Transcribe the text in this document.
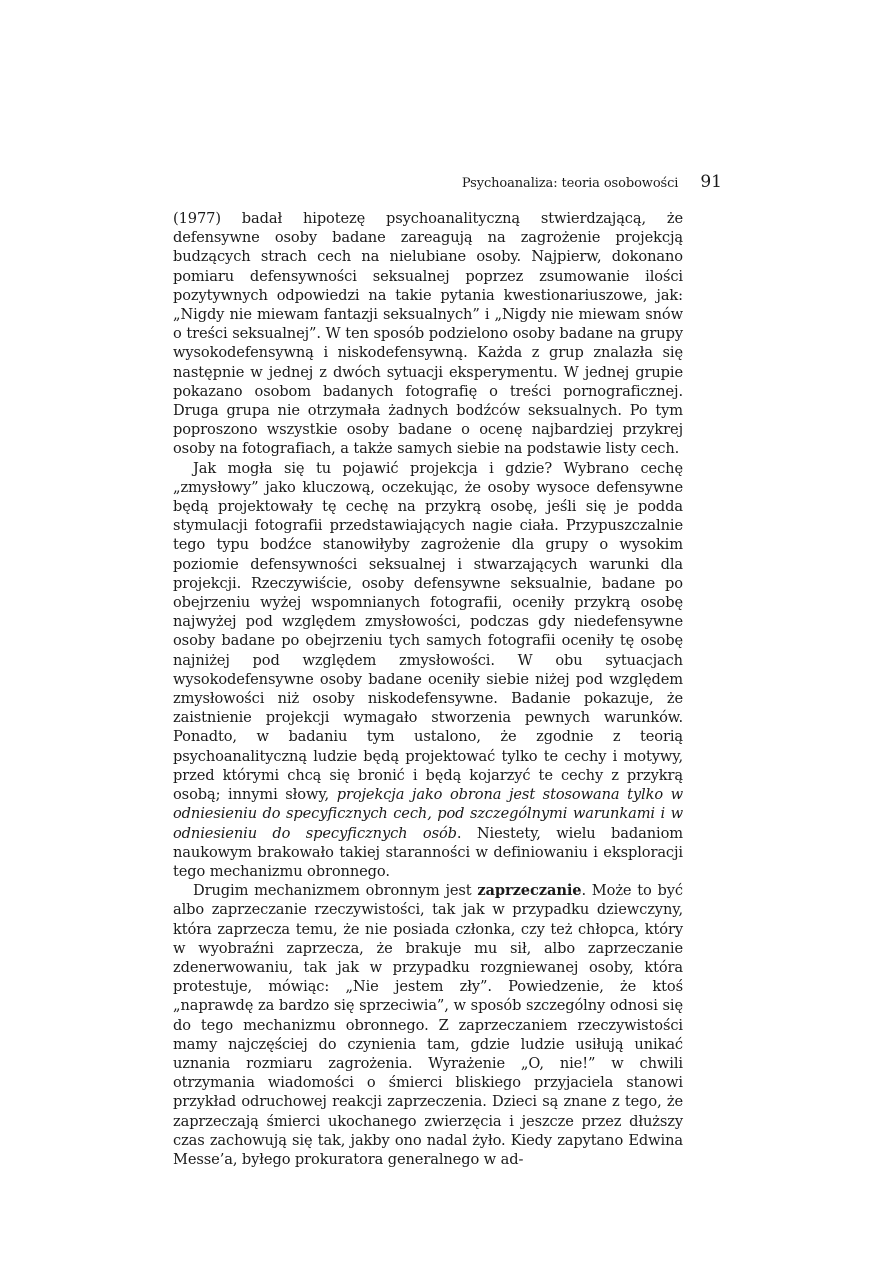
Psychoanaliza: teoria osobowości 91

(1977) badał hipotezę psychoanalityczną stwierdzającą, że defensywne osoby badane zareagują na zagrożenie projekcją budzących strach cech na nielubiane osoby. Najpierw, dokonano pomiaru defensywności seksualnej poprzez zsumowanie ilości pozytywnych odpowiedzi na takie pytania kwestionariuszowe, jak: „Nigdy nie miewam fantazji seksualnych” i „Nigdy nie miewam snów o treści seksualnej”. W ten sposób podzielono osoby badane na grupy wysokodefensywną i niskodefensywną. Każda z grup znalazła się następnie w jednej z dwóch sytuacji eksperymentu. W jednej grupie pokazano osobom badanych fotografię o treści pornograficznej. Druga grupa nie otrzymała żadnych bodźców seksualnych. Po tym poproszono wszystkie osoby badane o ocenę najbardziej przykrej osoby na fotografiach, a także samych siebie na podstawie listy cech.

Jak mogła się tu pojawić projekcja i gdzie? Wybrano cechę „zmysłowy” jako kluczową, oczekując, że osoby wysoce defensywne będą projektowały tę cechę na przykrą osobę, jeśli się je podda stymulacji fotografii przedstawiających nagie ciała. Przypuszczalnie tego typu bodźce stanowiłyby zagrożenie dla grupy o wysokim poziomie defensywności seksualnej i stwarzających warunki dla projekcji. Rzeczywiście, osoby defensywne seksualnie, badane po obejrzeniu wyżej wspomnianych fotografii, oceniły przykrą osobę najwyżej pod względem zmysłowości, podczas gdy niedefensywne osoby badane po obejrzeniu tych samych fotografii oceniły tę osobę najniżej pod względem zmysłowości. W obu sytuacjach wysokodefensywne osoby badane oceniły siebie niżej pod względem zmysłowości niż osoby niskodefensywne. Badanie pokazuje, że zaistnienie projekcji wymagało stworzenia pewnych warunków. Ponadto, w badaniu tym ustalono, że zgodnie z teorią psychoanalityczną ludzie będą projektować tylko te cechy i motywy, przed którymi chcą się bronić i będą kojarzyć te cechy z przykrą osobą; innymi słowy, projekcja jako obrona jest stosowana tylko w odniesieniu do specyficznych cech, pod szczególnymi warunkami i w odniesieniu do specyficznych osób. Niestety, wielu badaniom naukowym brakowało takiej staranności w definiowaniu i eksploracji tego mechanizmu obronnego.

Drugim mechanizmem obronnym jest zaprzeczanie. Może to być albo zaprzeczanie rzeczywistości, tak jak w przypadku dziewczyny, która zaprzecza temu, że nie posiada członka, czy też chłopca, który w wyobraźni zaprzecza, że brakuje mu sił, albo zaprzeczanie zdenerwowaniu, tak jak w przypadku rozgniewanej osoby, która protestuje, mówiąc: „Nie jestem zły”. Powiedzenie, że ktoś „naprawdę za bardzo się sprzeciwia”, w sposób szczególny odnosi się do tego mechanizmu obronnego. Z zaprzeczaniem rzeczywistości mamy najczęściej do czynienia tam, gdzie ludzie usiłują unikać uznania rozmiaru zagrożenia. Wyrażenie „O, nie!” w chwili otrzymania wiadomości o śmierci bliskiego przyjaciela stanowi przykład odruchowej reakcji zaprzeczenia. Dzieci są znane z tego, że zaprzeczają śmierci ukochanego zwierzęcia i jeszcze przez dłuższy czas zachowują się tak, jakby ono nadal żyło. Kiedy zapytano Edwina Messe’a, byłego prokuratora generalnego w ad-
